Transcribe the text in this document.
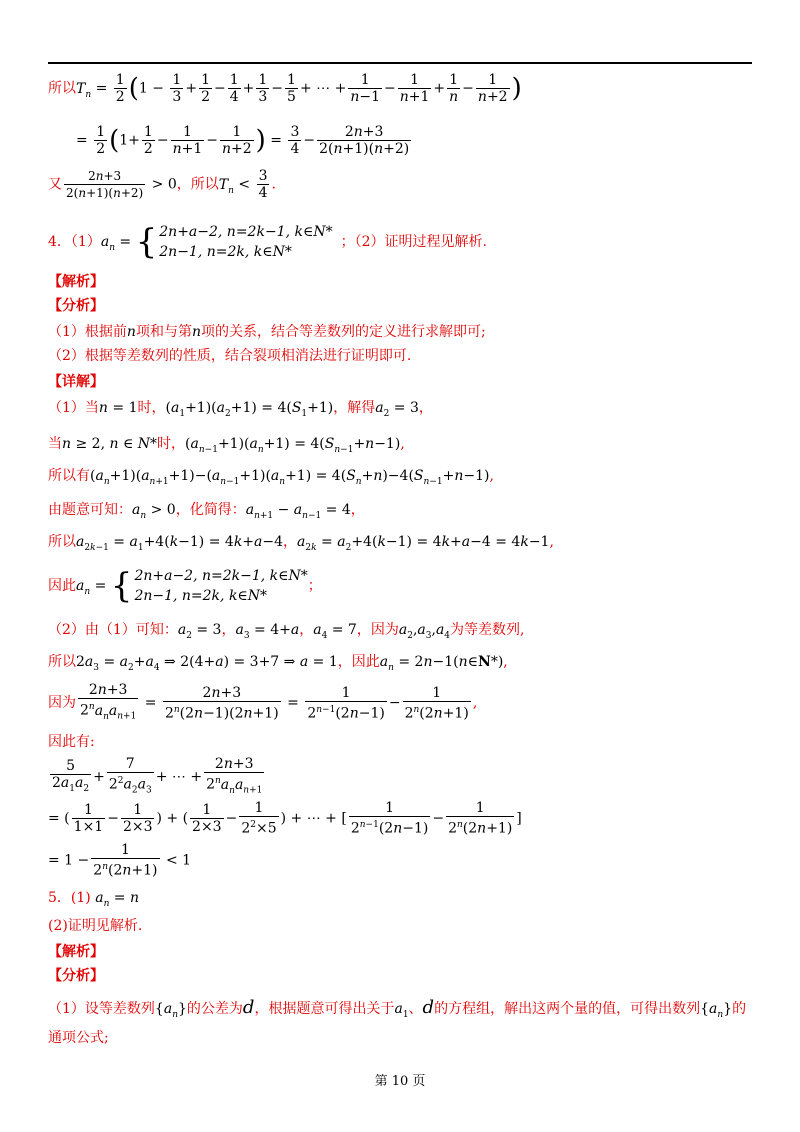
所以$T_n = \frac{1}{2} (1 - \frac{1}{3} + \frac{1}{2} - \frac{1}{4} + \frac{1}{3} - \frac{1}{5}$ + ⋯ + $\frac{1}{n-1} - \frac{1}{n+1} + \frac{1}{n} - \frac{1}{n+2}$ )
= $\frac{1}{2} (1+ \frac{1}{2} - \frac{1}{n+1} - \frac{1}{n+2}$ ) = $\frac{3}{4} - \frac{2n+3}{2(n+1)(n+2)}$
又 $\frac{2n+3}{2(n+1)(n+2)} > 0$，所以$T_n < \frac{3}{4}$ .
4．$(1)a_n$ = { 2n+a−2, n=2k−1, k∈N*
2n−1, n=2k, k∈N*
；（2）证明过程见解析.
【解析】
【分析】
（1）根据前n项和与第n项的关系，结合等差数列的定义进行求解即可;
（2）根据等差数列的性质，结合裂项相消法进行证明即可.
【详解】
（1）当n = 1时，$(a_1+1)(a_2+1) = 4(S_1+1)$，解得$a_2 = 3$，
当n ≥ 2, n ∈ N*时，$(a_{n-1}+1)(a_n+1) = 4(S_{n-1}+n-1)$,
所以有$(a_n+1)(a_{n+1}+1)-(a_{n-1}+1)(a_n+1) = 4(S_n+n)-4(S_{n-1}+n-1)$,
由题意可知：$a_n > 0$，化简得：$a_{n+1} - a_{n-1} = 4$，
所以$a_{2k-1} = a_1+4(k-1) = 4k+a-4$，$a_{2k} = a_2+4(k-1) = 4k+a-4 = 4k-1$,
因此$a_n$ = { 2n+a−2, n=2k−1, k∈N*
2n−1, n=2k, k∈N*
；
（2）由（1）可知：$a_2 = 3$，$a_3 = 4+a$，$a_4 = 7$，因为$a_2,a_3,a_4$为等差数列,
所以$2a_3 = a_2+a_4$ ⇒ 2(4+a) = 3+7 ⇒ a = 1，因此$a_n$ = 2n−1(n∈N*),
因为 $\frac{2n+3}{2^na_na_{n+1}} = \frac{2n+3}{2^n(2n-1)(2n+1)} = \frac{1}{2^{n-1}(2n-1)} - \frac{1}{2^n(2n+1)}$ ,
因此有:
$\frac{5}{2a_1a_2} + \frac{7}{2^2a_2a_3}$ + ⋯ + $\frac{2n+3}{2^na_na_{n+1}}$
= ( $\frac{1}{1\times 1} - \frac{1}{2\times 3}$ ) + ( $\frac{1}{2\times 3} - \frac{1}{2^2\times 5}$ ) + ⋯ + [ $\frac{1}{2^{n-1}(2n-1)} - \frac{1}{2^n(2n+1)}$ ]
= $1 - \frac{1}{2^n(2n+1)} < 1$
5．(1) $a_n = n$
(2)证明见解析.
【解析】
【分析】
（1）设等差数列$\{a_n\}$的公差为d，根据题意可得出关于$a_1$、d的方程组，解出这两个量的值，可得出数列$\{a_n\}$的
通项公式;
第 10 页
